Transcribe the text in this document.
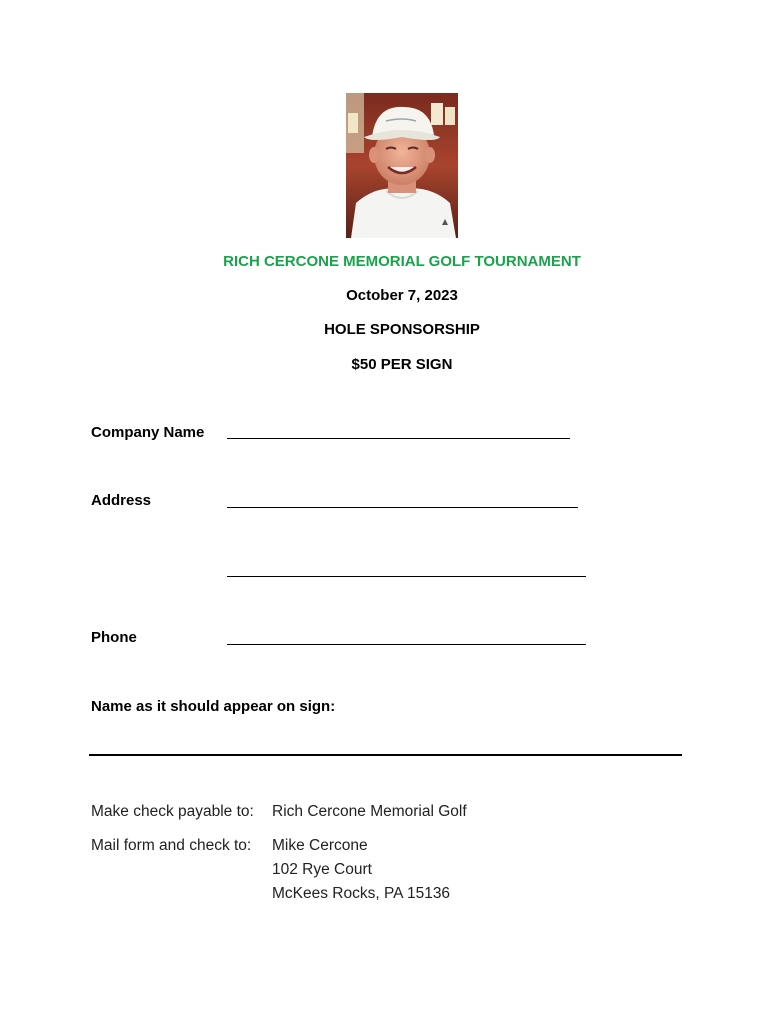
RICH CERCONE MEMORIAL GOLF TOURNAMENT
October 7, 2023
HOLE SPONSORSHIP
$50 PER SIGN
Company Name
Address
Phone
Name as it should appear on sign:
Make check payable to: Rich Cercone Memorial Golf
Mail form and check to: Mike Cercone
102 Rye Court
McKees Rocks, PA 15136
